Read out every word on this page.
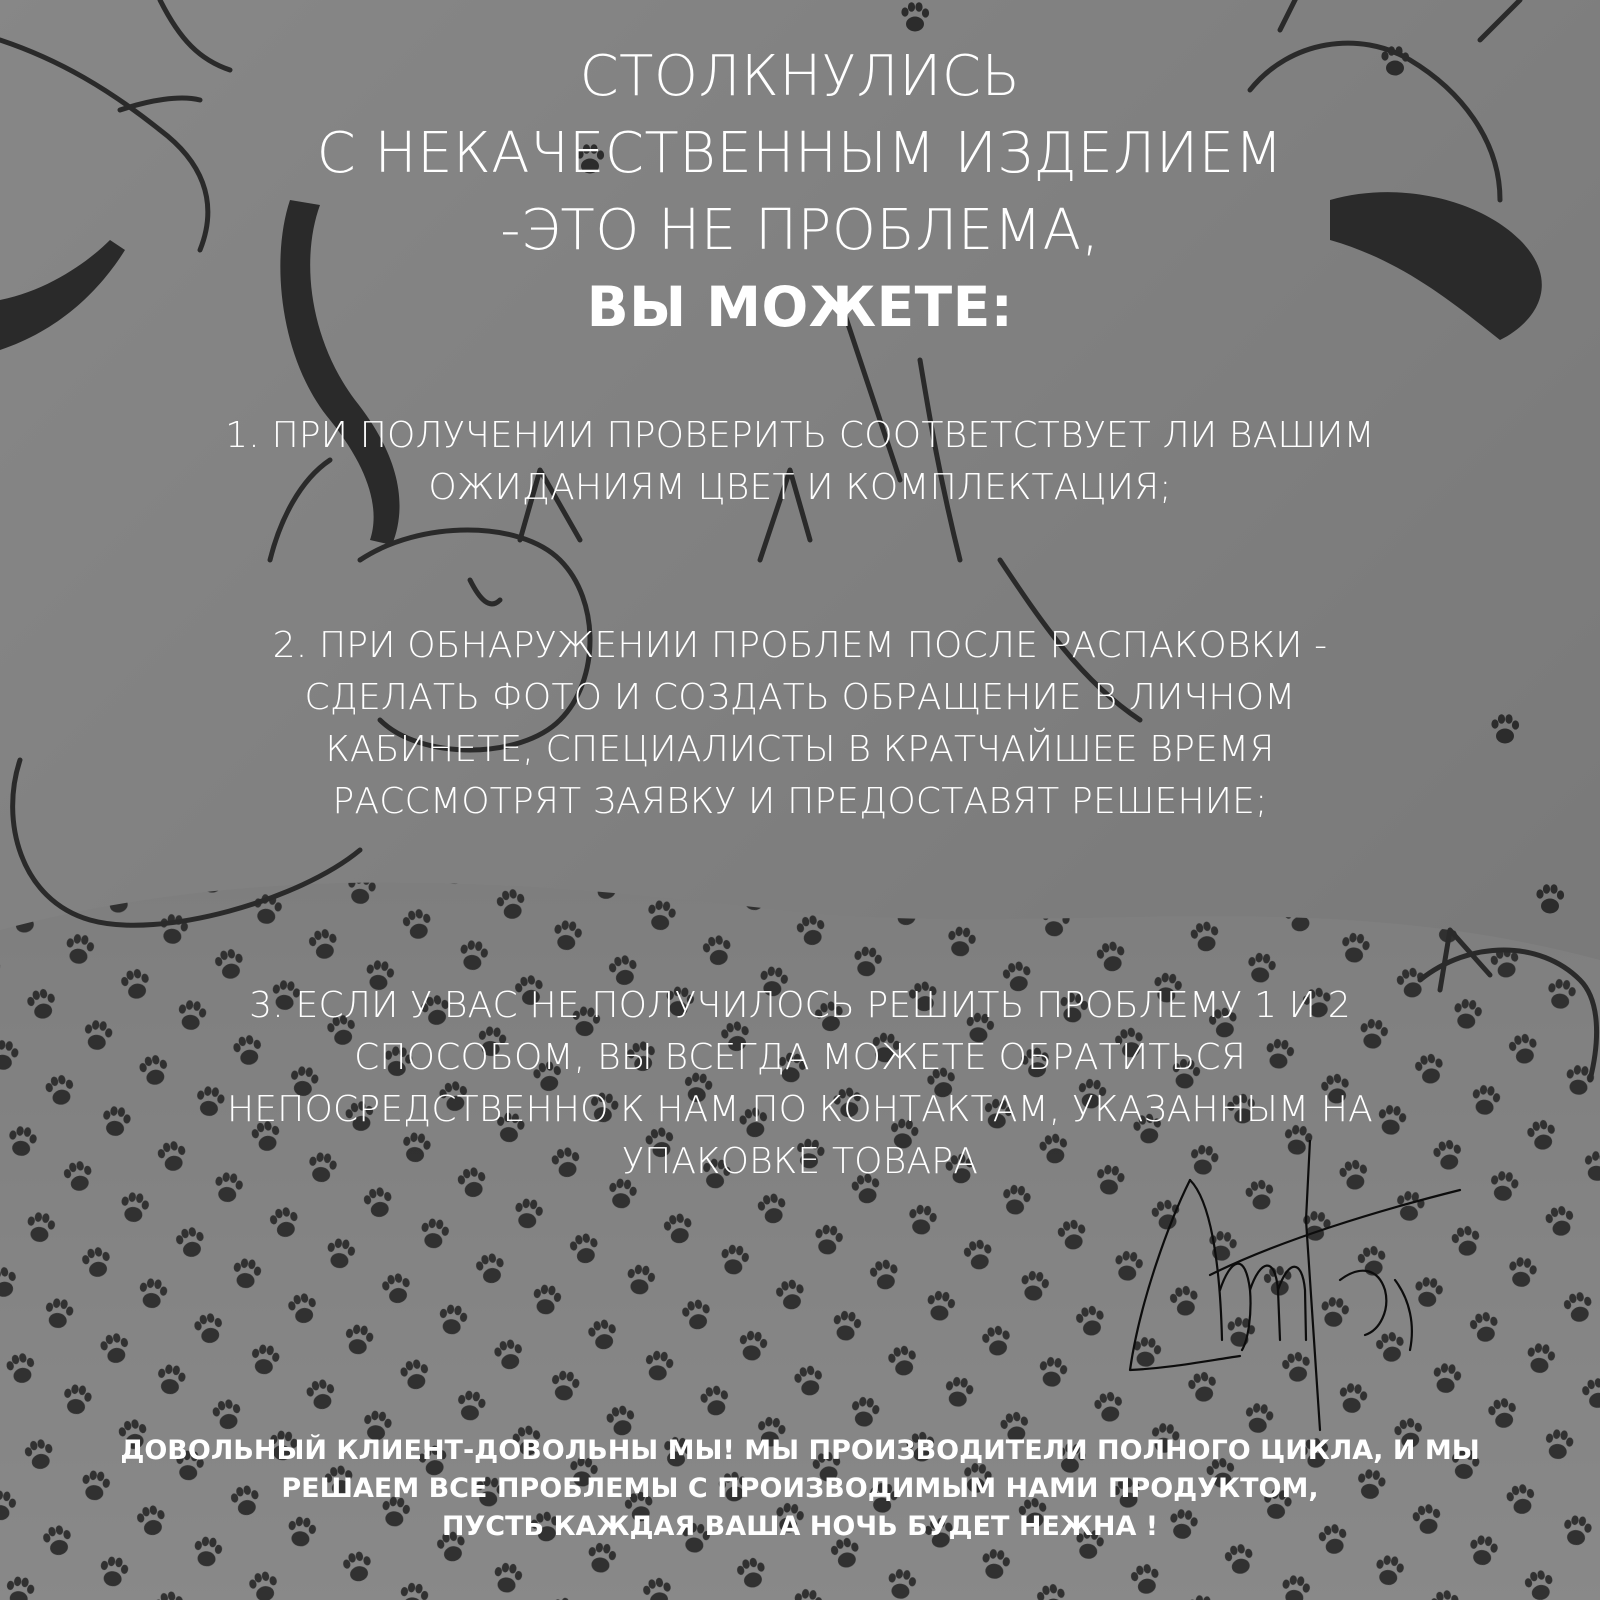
СТОЛКНУЛИСЬ
С НЕКАЧЕСТВЕННЫМ ИЗДЕЛИЕМ
-ЭТО НЕ ПРОБЛЕМА,
ВЫ МОЖЕТЕ:

1. ПРИ ПОЛУЧЕНИИ ПРОВЕРИТЬ СООТВЕТСТВУЕТ ЛИ ВАШИМ ОЖИДАНИЯМ ЦВЕТ И КОМПЛЕКТАЦИЯ;

2. ПРИ ОБНАРУЖЕНИИ ПРОБЛЕМ ПОСЛЕ РАСПАКОВКИ - СДЕЛАТЬ ФОТО И СОЗДАТЬ ОБРАЩЕНИЕ В ЛИЧНОМ КАБИНЕТЕ, СПЕЦИАЛИСТЫ В КРАТЧАЙШЕЕ ВРЕМЯ РАССМОТРЯТ ЗАЯВКУ И ПРЕДОСТАВЯТ РЕШЕНИЕ;

3. ЕСЛИ У ВАС НЕ ПОЛУЧИЛОСЬ РЕШИТЬ ПРОБЛЕМУ 1 И 2 СПОСОБОМ, ВЫ ВСЕГДА МОЖЕТЕ ОБРАТИТЬСЯ НЕПОСРЕДСТВЕННО К НАМ ПО КОНТАКТАМ, УКАЗАННЫМ НА УПАКОВКЕ ТОВАРА

ДОВОЛЬНЫЙ КЛИЕНТ-ДОВОЛЬНЫ МЫ! МЫ ПРОИЗВОДИТЕЛИ ПОЛНОГО ЦИКЛА, И МЫ
РЕШАЕМ ВСЕ ПРОБЛЕМЫ С ПРОИЗВОДИМЫМ НАМИ ПРОДУКТОМ,
ПУСТЬ КАЖДАЯ ВАША НОЧЬ БУДЕТ НЕЖНА !
